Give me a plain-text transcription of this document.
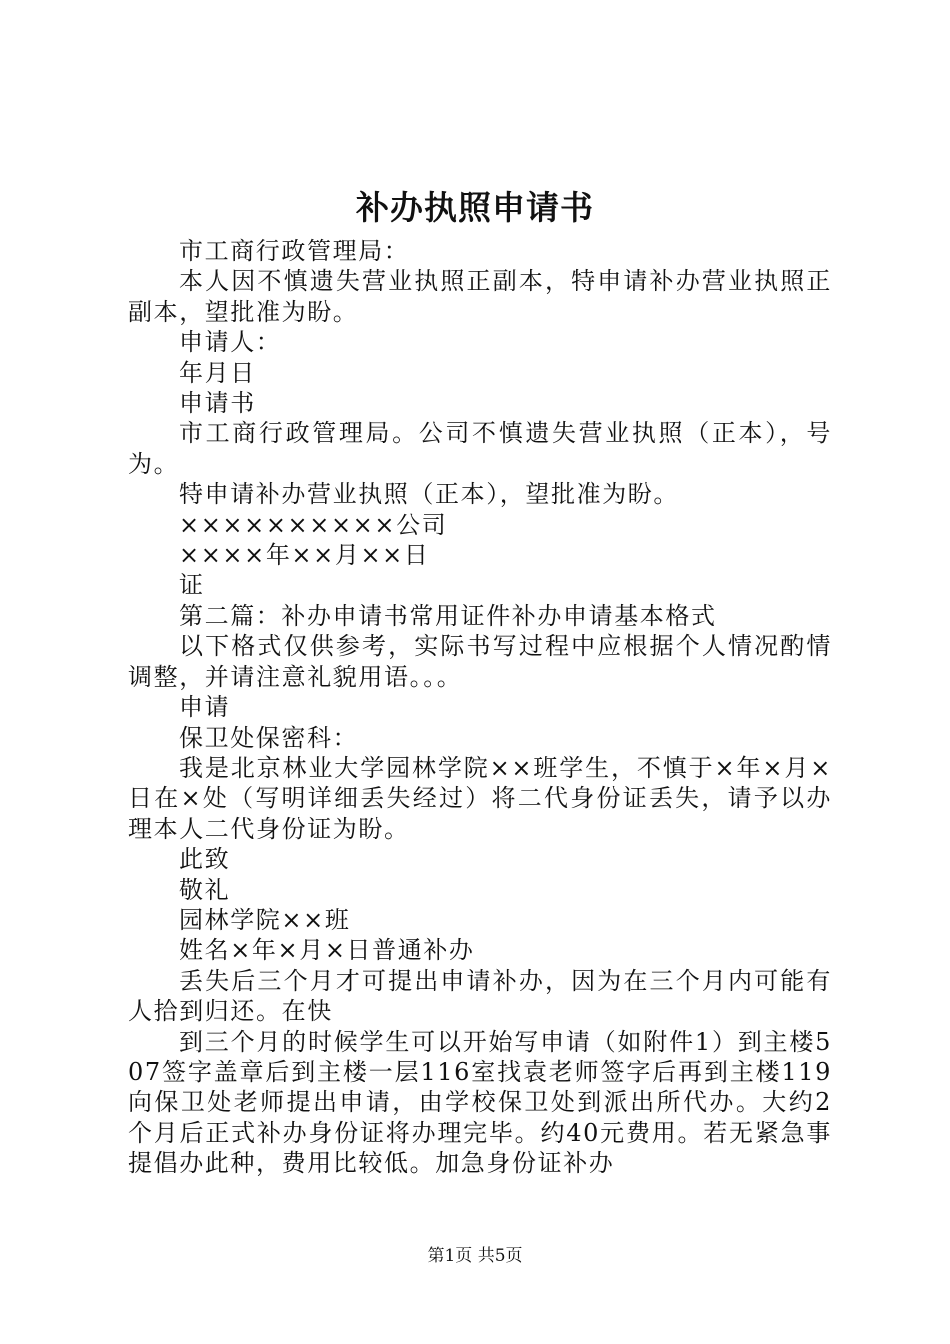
补办执照申请书

市工商行政管理局：

本人因不慎遗失营业执照正副本，特申请补办营业执照正副本，望批准为盼。

申请人：

年月日

申请书

市工商行政管理局。公司不慎遗失营业执照（正本），号为。

特申请补办营业执照（正本），望批准为盼。

××××××××××公司

××××年××月××日

证

第二篇：补办申请书常用证件补办申请基本格式

以下格式仅供参考，实际书写过程中应根据个人情况酌情调整，并请注意礼貌用语。。。

申请

保卫处保密科：

我是北京林业大学园林学院××班学生，不慎于×年×月×日在×处（写明详细丢失经过）将二代身份证丢失，请予以办理本人二代身份证为盼。

此致

敬礼

园林学院××班

姓名×年×月×日普通补办

丢失后三个月才可提出申请补办，因为在三个月内可能有人拾到归还。在快

到三个月的时候学生可以开始写申请（如附件1）到主楼507签字盖章后到主楼一层116室找袁老师签字后再到主楼119向保卫处老师提出申请，由学校保卫处到派出所代办。大约2个月后正式补办身份证将办理完毕。约40元费用。若无紧急事提倡办此种，费用比较低。加急身份证补办

第1页 共5页
